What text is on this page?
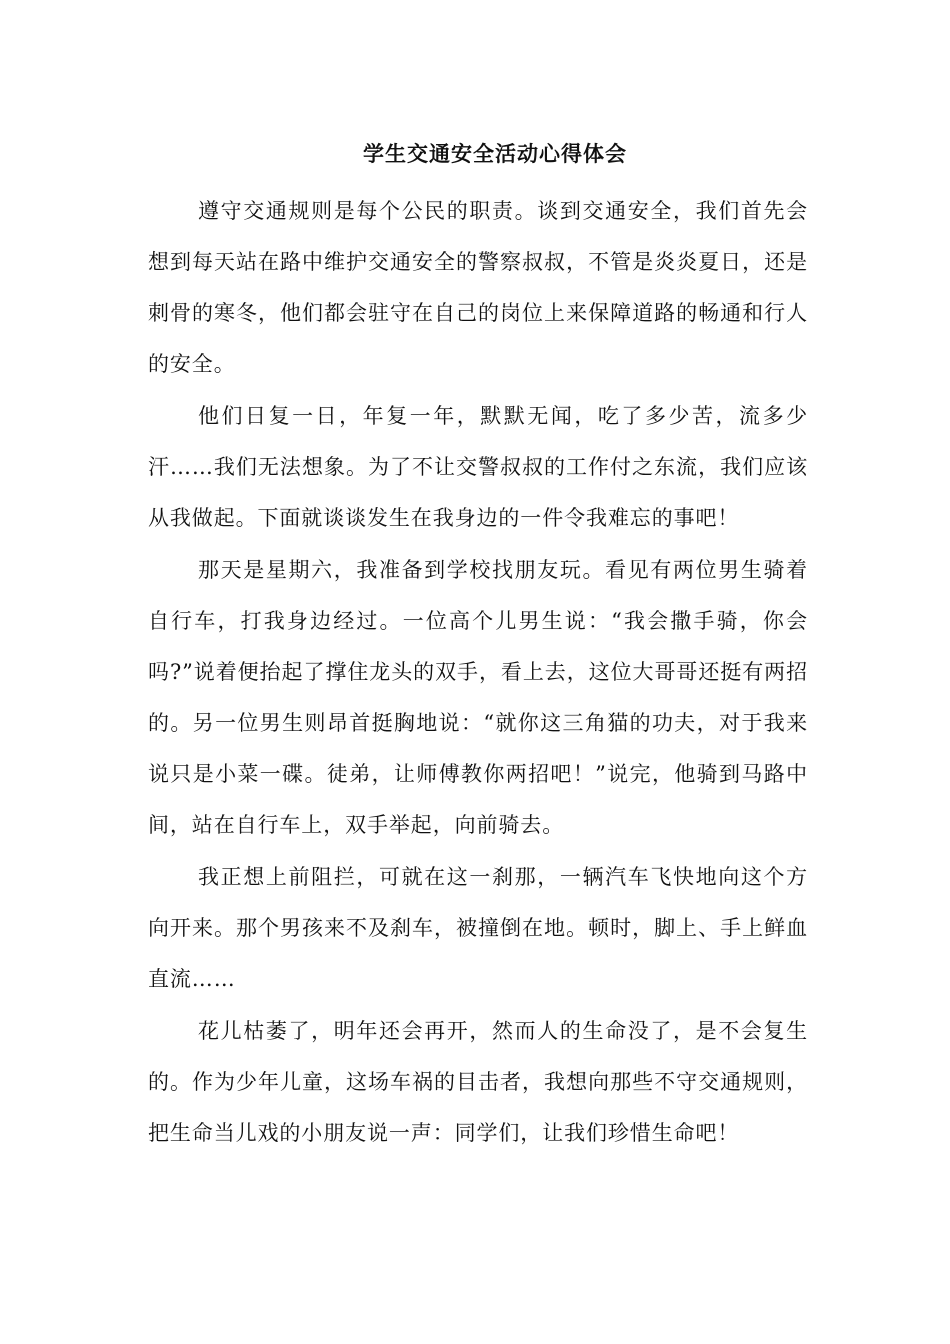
学生交通安全活动心得体会

遵守交通规则是每个公民的职责。谈到交通安全，我们首先会想到每天站在路中维护交通安全的警察叔叔，不管是炎炎夏日，还是刺骨的寒冬，他们都会驻守在自己的岗位上来保障道路的畅通和行人的安全。

他们日复一日，年复一年，默默无闻，吃了多少苦，流多少汗……我们无法想象。为了不让交警叔叔的工作付之东流，我们应该从我做起。下面就谈谈发生在我身边的一件令我难忘的事吧！

那天是星期六，我准备到学校找朋友玩。看见有两位男生骑着自行车，打我身边经过。一位高个儿男生说：“我会撒手骑，你会吗?”说着便抬起了撑住龙头的双手，看上去，这位大哥哥还挺有两招的。另一位男生则昂首挺胸地说：“就你这三角猫的功夫，对于我来说只是小菜一碟。徒弟，让师傅教你两招吧！”说完，他骑到马路中间，站在自行车上，双手举起，向前骑去。

我正想上前阻拦，可就在这一刹那，一辆汽车飞快地向这个方向开来。那个男孩来不及刹车，被撞倒在地。顿时，脚上、手上鲜血直流……

花儿枯萎了，明年还会再开，然而人的生命没了，是不会复生的。作为少年儿童，这场车祸的目击者，我想向那些不守交通规则，把生命当儿戏的小朋友说一声：同学们，让我们珍惜生命吧！
